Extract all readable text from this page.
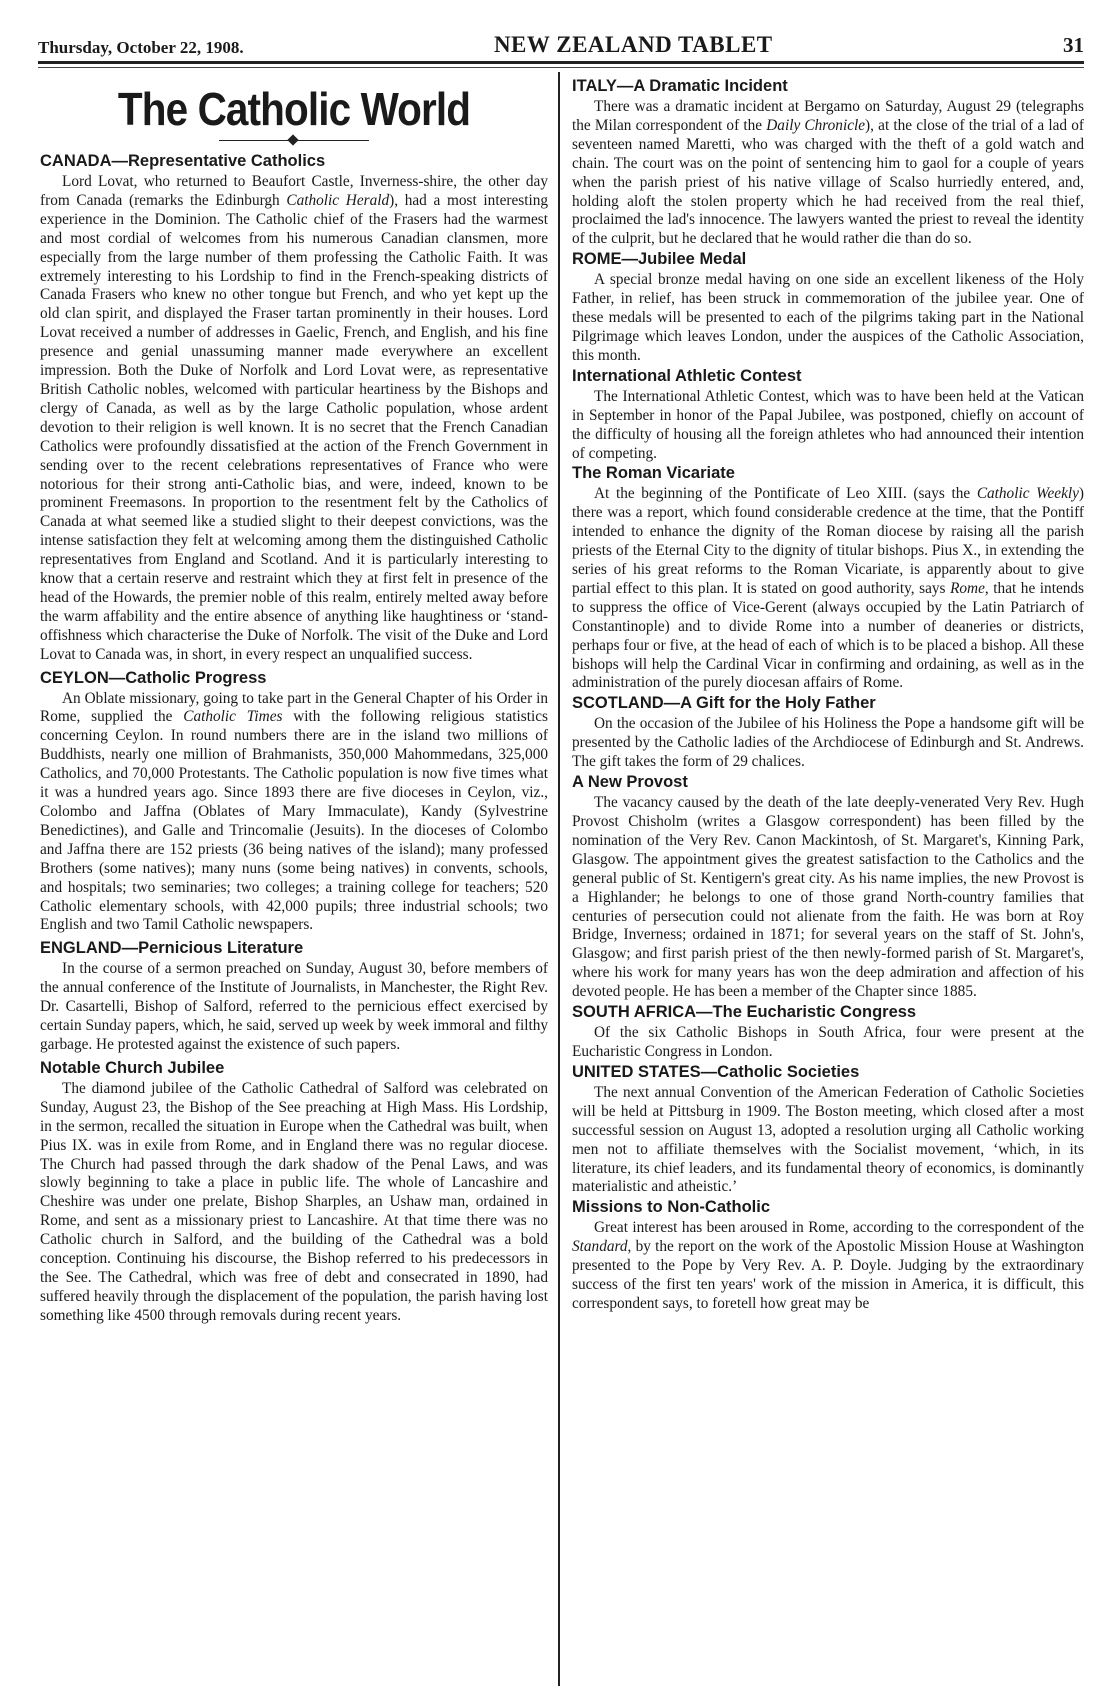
Thursday, October 22, 1908.	NEW ZEALAND TABLET	31
The Catholic World
CANADA—Representative Catholics

Lord Lovat, who returned to Beaufort Castle, Inverness-shire, the other day from Canada (remarks the Edinburgh Catholic Herald), had a most interesting experience in the Dominion. The Catholic chief of the Frasers had the warmest and most cordial of welcomes from his numerous Canadian clansmen, more especially from the large number of them professing the Catholic Faith. It was extremely interesting to his Lordship to find in the French-speaking districts of Canada Frasers who knew no other tongue but French, and who yet kept up the old clan spirit, and displayed the Fraser tartan prominently in their houses. Lord Lovat received a number of addresses in Gaelic, French, and English, and his fine presence and genial unassuming manner made everywhere an excellent impression. Both the Duke of Norfolk and Lord Lovat were, as representative British Catholic nobles, welcomed with particular heartiness by the Bishops and clergy of Canada, as well as by the large Catholic population, whose ardent devotion to their religion is well known. It is no secret that the French Canadian Catholics were profoundly dissatisfied at the action of the French Government in sending over to the recent celebrations representatives of France who were notorious for their strong anti-Catholic bias, and were, indeed, known to be prominent Freemasons. In proportion to the resentment felt by the Catholics of Canada at what seemed like a studied slight to their deepest convictions, was the intense satisfaction they felt at welcoming among them the distinguished Catholic representatives from England and Scotland. And it is particularly interesting to know that a certain reserve and restraint which they at first felt in presence of the head of the Howards, the premier noble of this realm, entirely melted away before the warm affability and the entire absence of anything like haughtiness or ‘stand-offishness which characterise the Duke of Norfolk. The visit of the Duke and Lord Lovat to Canada was, in short, in every respect an unqualified success.

CEYLON—Catholic Progress

An Oblate missionary, going to take part in the General Chapter of his Order in Rome, supplied the Catholic Times with the following religious statistics concerning Ceylon. In round numbers there are in the island two millions of Buddhists, nearly one million of Brahmanists, 350,000 Mahommedans, 325,000 Catholics, and 70,000 Protestants. The Catholic population is now five times what it was a hundred years ago. Since 1893 there are five dioceses in Ceylon, viz., Colombo and Jaffna (Oblates of Mary Immaculate), Kandy (Sylvestrine Benedictines), and Galle and Trincomalie (Jesuits). In the dioceses of Colombo and Jaffna there are 152 priests (36 being natives of the island); many professed Brothers (some natives); many nuns (some being natives) in convents, schools, and hospitals; two seminaries; two colleges; a training college for teachers; 520 Catholic elementary schools, with 42,000 pupils; three industrial schools; two English and two Tamil Catholic newspapers.

ENGLAND—Pernicious Literature

In the course of a sermon preached on Sunday, August 30, before members of the annual conference of the Institute of Journalists, in Manchester, the Right Rev. Dr. Casartelli, Bishop of Salford, referred to the pernicious effect exercised by certain Sunday papers, which, he said, served up week by week immoral and filthy garbage. He protested against the existence of such papers.

Notable Church Jubilee

The diamond jubilee of the Catholic Cathedral of Salford was celebrated on Sunday, August 23, the Bishop of the See preaching at High Mass. His Lordship, in the sermon, recalled the situation in Europe when the Cathedral was built, when Pius IX. was in exile from Rome, and in England there was no regular diocese. The Church had passed through the dark shadow of the Penal Laws, and was slowly beginning to take a place in public life. The whole of Lancashire and Cheshire was under one prelate, Bishop Sharples, an Ushaw man, ordained in Rome, and sent as a missionary priest to Lancashire. At that time there was no Catholic church in Salford, and the building of the Cathedral was a bold conception. Continuing his discourse, the Bishop referred to his predecessors in the See. The Cathedral, which was free of debt and consecrated in 1890, had suffered heavily through the displacement of the population, the parish having lost something like 4500 through removals during recent years.

ITALY—A Dramatic Incident

There was a dramatic incident at Bergamo on Saturday, August 29 (telegraphs the Milan correspondent of the Daily Chronicle), at the close of the trial of a lad of seventeen named Maretti, who was charged with the theft of a gold watch and chain. The court was on the point of sentencing him to gaol for a couple of years when the parish priest of his native village of Scalso hurriedly entered, and, holding aloft the stolen property which he had received from the real thief, proclaimed the lad's innocence. The lawyers wanted the priest to reveal the identity of the culprit, but he declared that he would rather die than do so.

ROME—Jubilee Medal

A special bronze medal having on one side an excellent likeness of the Holy Father, in relief, has been struck in commemoration of the jubilee year. One of these medals will be presented to each of the pilgrims taking part in the National Pilgrimage which leaves London, under the auspices of the Catholic Association, this month.

International Athletic Contest

The International Athletic Contest, which was to have been held at the Vatican in September in honor of the Papal Jubilee, was postponed, chiefly on account of the difficulty of housing all the foreign athletes who had announced their intention of competing.

The Roman Vicariate

At the beginning of the Pontificate of Leo XIII. (says the Catholic Weekly) there was a report, which found considerable credence at the time, that the Pontiff intended to enhance the dignity of the Roman diocese by raising all the parish priests of the Eternal City to the dignity of titular bishops. Pius X., in extending the series of his great reforms to the Roman Vicariate, is apparently about to give partial effect to this plan. It is stated on good authority, says Rome, that he intends to suppress the office of Vice-Gerent (always occupied by the Latin Patriarch of Constantinople) and to divide Rome into a number of deaneries or districts, perhaps four or five, at the head of each of which is to be placed a bishop. All these bishops will help the Cardinal Vicar in confirming and ordaining, as well as in the administration of the purely diocesan affairs of Rome.

SCOTLAND—A Gift for the Holy Father

On the occasion of the Jubilee of his Holiness the Pope a handsome gift will be presented by the Catholic ladies of the Archdiocese of Edinburgh and St. Andrews. The gift takes the form of 29 chalices.

A New Provost

The vacancy caused by the death of the late deeply-venerated Very Rev. Hugh Provost Chisholm (writes a Glasgow correspondent) has been filled by the nomination of the Very Rev. Canon Mackintosh, of St. Margaret's, Kinning Park, Glasgow. The appointment gives the greatest satisfaction to the Catholics and the general public of St. Kentigern's great city. As his name implies, the new Provost is a Highlander; he belongs to one of those grand North-country families that centuries of persecution could not alienate from the faith. He was born at Roy Bridge, Inverness; ordained in 1871; for several years on the staff of St. John's, Glasgow; and first parish priest of the then newly-formed parish of St. Margaret's, where his work for many years has won the deep admiration and affection of his devoted people. He has been a member of the Chapter since 1885.

SOUTH AFRICA—The Eucharistic Congress

Of the six Catholic Bishops in South Africa, four were present at the Eucharistic Congress in London.

UNITED STATES—Catholic Societies

The next annual Convention of the American Federation of Catholic Societies will be held at Pittsburg in 1909. The Boston meeting, which closed after a most successful session on August 13, adopted a resolution urging all Catholic working men not to affiliate themselves with the Socialist movement, ‘which, in its literature, its chief leaders, and its fundamental theory of economics, is dominantly materialistic and atheistic.’

Missions to Non-Catholic

Great interest has been aroused in Rome, according to the correspondent of the Standard, by the report on the work of the Apostolic Mission House at Washington presented to the Pope by Very Rev. A. P. Doyle. Judging by the extraordinary success of the first ten years' work of the mission in America, it is difficult, this correspondent says, to foretell how great may be
